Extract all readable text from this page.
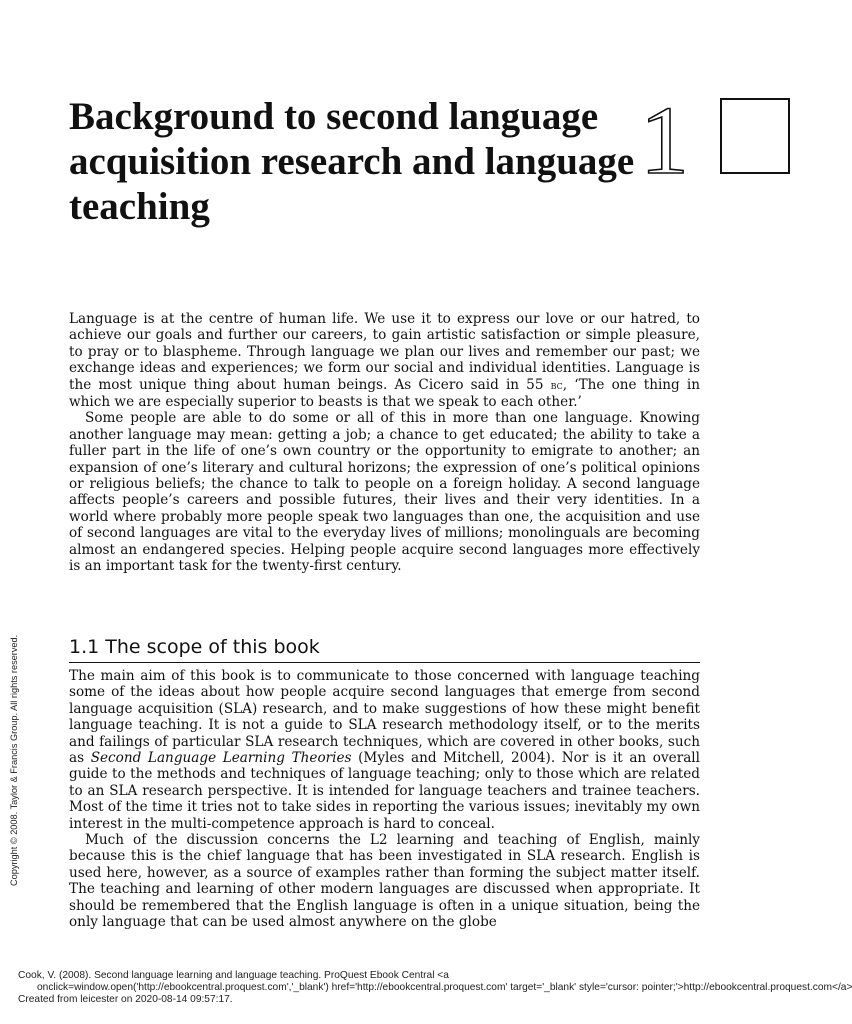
Background to second language acquisition research and language teaching
1

Language is at the centre of human life. We use it to express our love or our hatred, to achieve our goals and further our careers, to gain artistic satisfaction or simple pleasure, to pray or to blaspheme. Through language we plan our lives and remember our past; we exchange ideas and experiences; we form our social and individual identities. Language is the most unique thing about human beings. As Cicero said in 55 bc, ‘The one thing in which we are especially superior to beasts is that we speak to each other.’

Some people are able to do some or all of this in more than one language. Knowing another language may mean: getting a job; a chance to get educated; the ability to take a fuller part in the life of one’s own country or the opportunity to emigrate to another; an expansion of one’s literary and cultural horizons; the expression of one’s political opinions or religious beliefs; the chance to talk to people on a foreign holiday. A second language affects people’s careers and possible futures, their lives and their very identities. In a world where probably more people speak two languages than one, the acquisition and use of second languages are vital to the everyday lives of millions; monolinguals are becoming almost an endangered species. Helping people acquire second languages more effectively is an important task for the twenty-first century.

1.1 The scope of this book

The main aim of this book is to communicate to those concerned with language teaching some of the ideas about how people acquire second languages that emerge from second language acquisition (SLA) research, and to make suggestions of how these might benefit language teaching. It is not a guide to SLA research methodology itself, or to the merits and failings of particular SLA research techniques, which are covered in other books, such as Second Language Learning Theories (Myles and Mitchell, 2004). Nor is it an overall guide to the methods and techniques of language teaching; only to those which are related to an SLA research perspective. It is intended for language teachers and trainee teachers. Most of the time it tries not to take sides in reporting the various issues; inevitably my own interest in the multi-competence approach is hard to conceal.

Much of the discussion concerns the L2 learning and teaching of English, mainly because this is the chief language that has been investigated in SLA research. English is used here, however, as a source of examples rather than forming the subject matter itself. The teaching and learning of other modern languages are discussed when appropriate. It should be remembered that the English language is often in a unique situation, being the only language that can be used almost anywhere on the globe

Copyright © 2008. Taylor & Francis Group. All rights reserved.
Cook, V. (2008). Second language learning and language teaching. ProQuest Ebook Central <a
onclick=window.open('http://ebookcentral.proquest.com','_blank') href='http://ebookcentral.proquest.com' target='_blank' style='cursor: pointer;'>http://ebookcentral.proquest.com</a>
Created from leicester on 2020-08-14 09:57:17.
